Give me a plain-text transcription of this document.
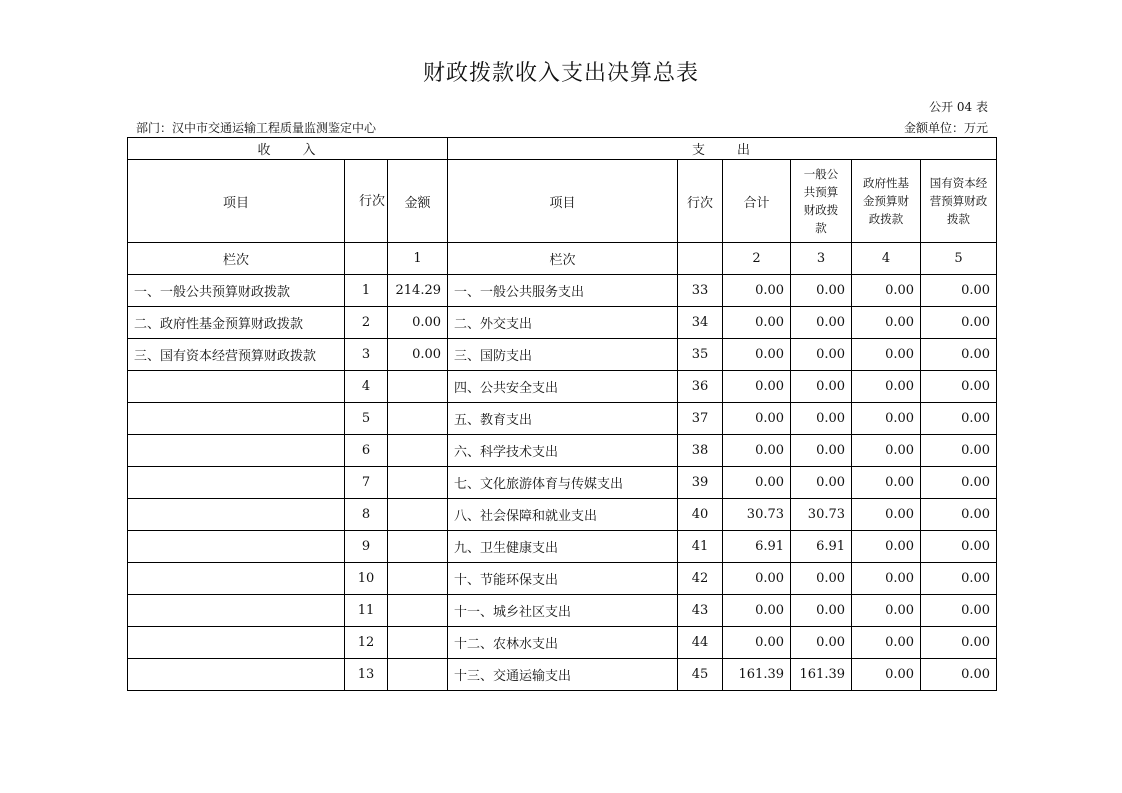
财政拨款收入支出决算总表
公开 04 表
部门：汉中市交通运输工程质量监测鉴定中心	金额单位：万元
收　　入			支　　出					
项目	行次	金额	项目	行次	合计	一般公共预算财政拨款	政府性基金预算财政拨款	国有资本经营预算财政拨款
栏次		1	栏次		2	3	4	5
一、一般公共预算财政拨款	1	214.29	一、一般公共服务支出	33	0.00	0.00	0.00	0.00
二、政府性基金预算财政拨款	2	0.00	二、外交支出	34	0.00	0.00	0.00	0.00
三、国有资本经营预算财政拨款	3	0.00	三、国防支出	35	0.00	0.00	0.00	0.00
	4		四、公共安全支出	36	0.00	0.00	0.00	0.00
	5		五、教育支出	37	0.00	0.00	0.00	0.00
	6		六、科学技术支出	38	0.00	0.00	0.00	0.00
	7		七、文化旅游体育与传媒支出	39	0.00	0.00	0.00	0.00
	8		八、社会保障和就业支出	40	30.73	30.73	0.00	0.00
	9		九、卫生健康支出	41	6.91	6.91	0.00	0.00
	10		十、节能环保支出	42	0.00	0.00	0.00	0.00
	11		十一、城乡社区支出	43	0.00	0.00	0.00	0.00
	12		十二、农林水支出	44	0.00	0.00	0.00	0.00
	13		十三、交通运输支出	45	161.39	161.39	0.00	0.00
